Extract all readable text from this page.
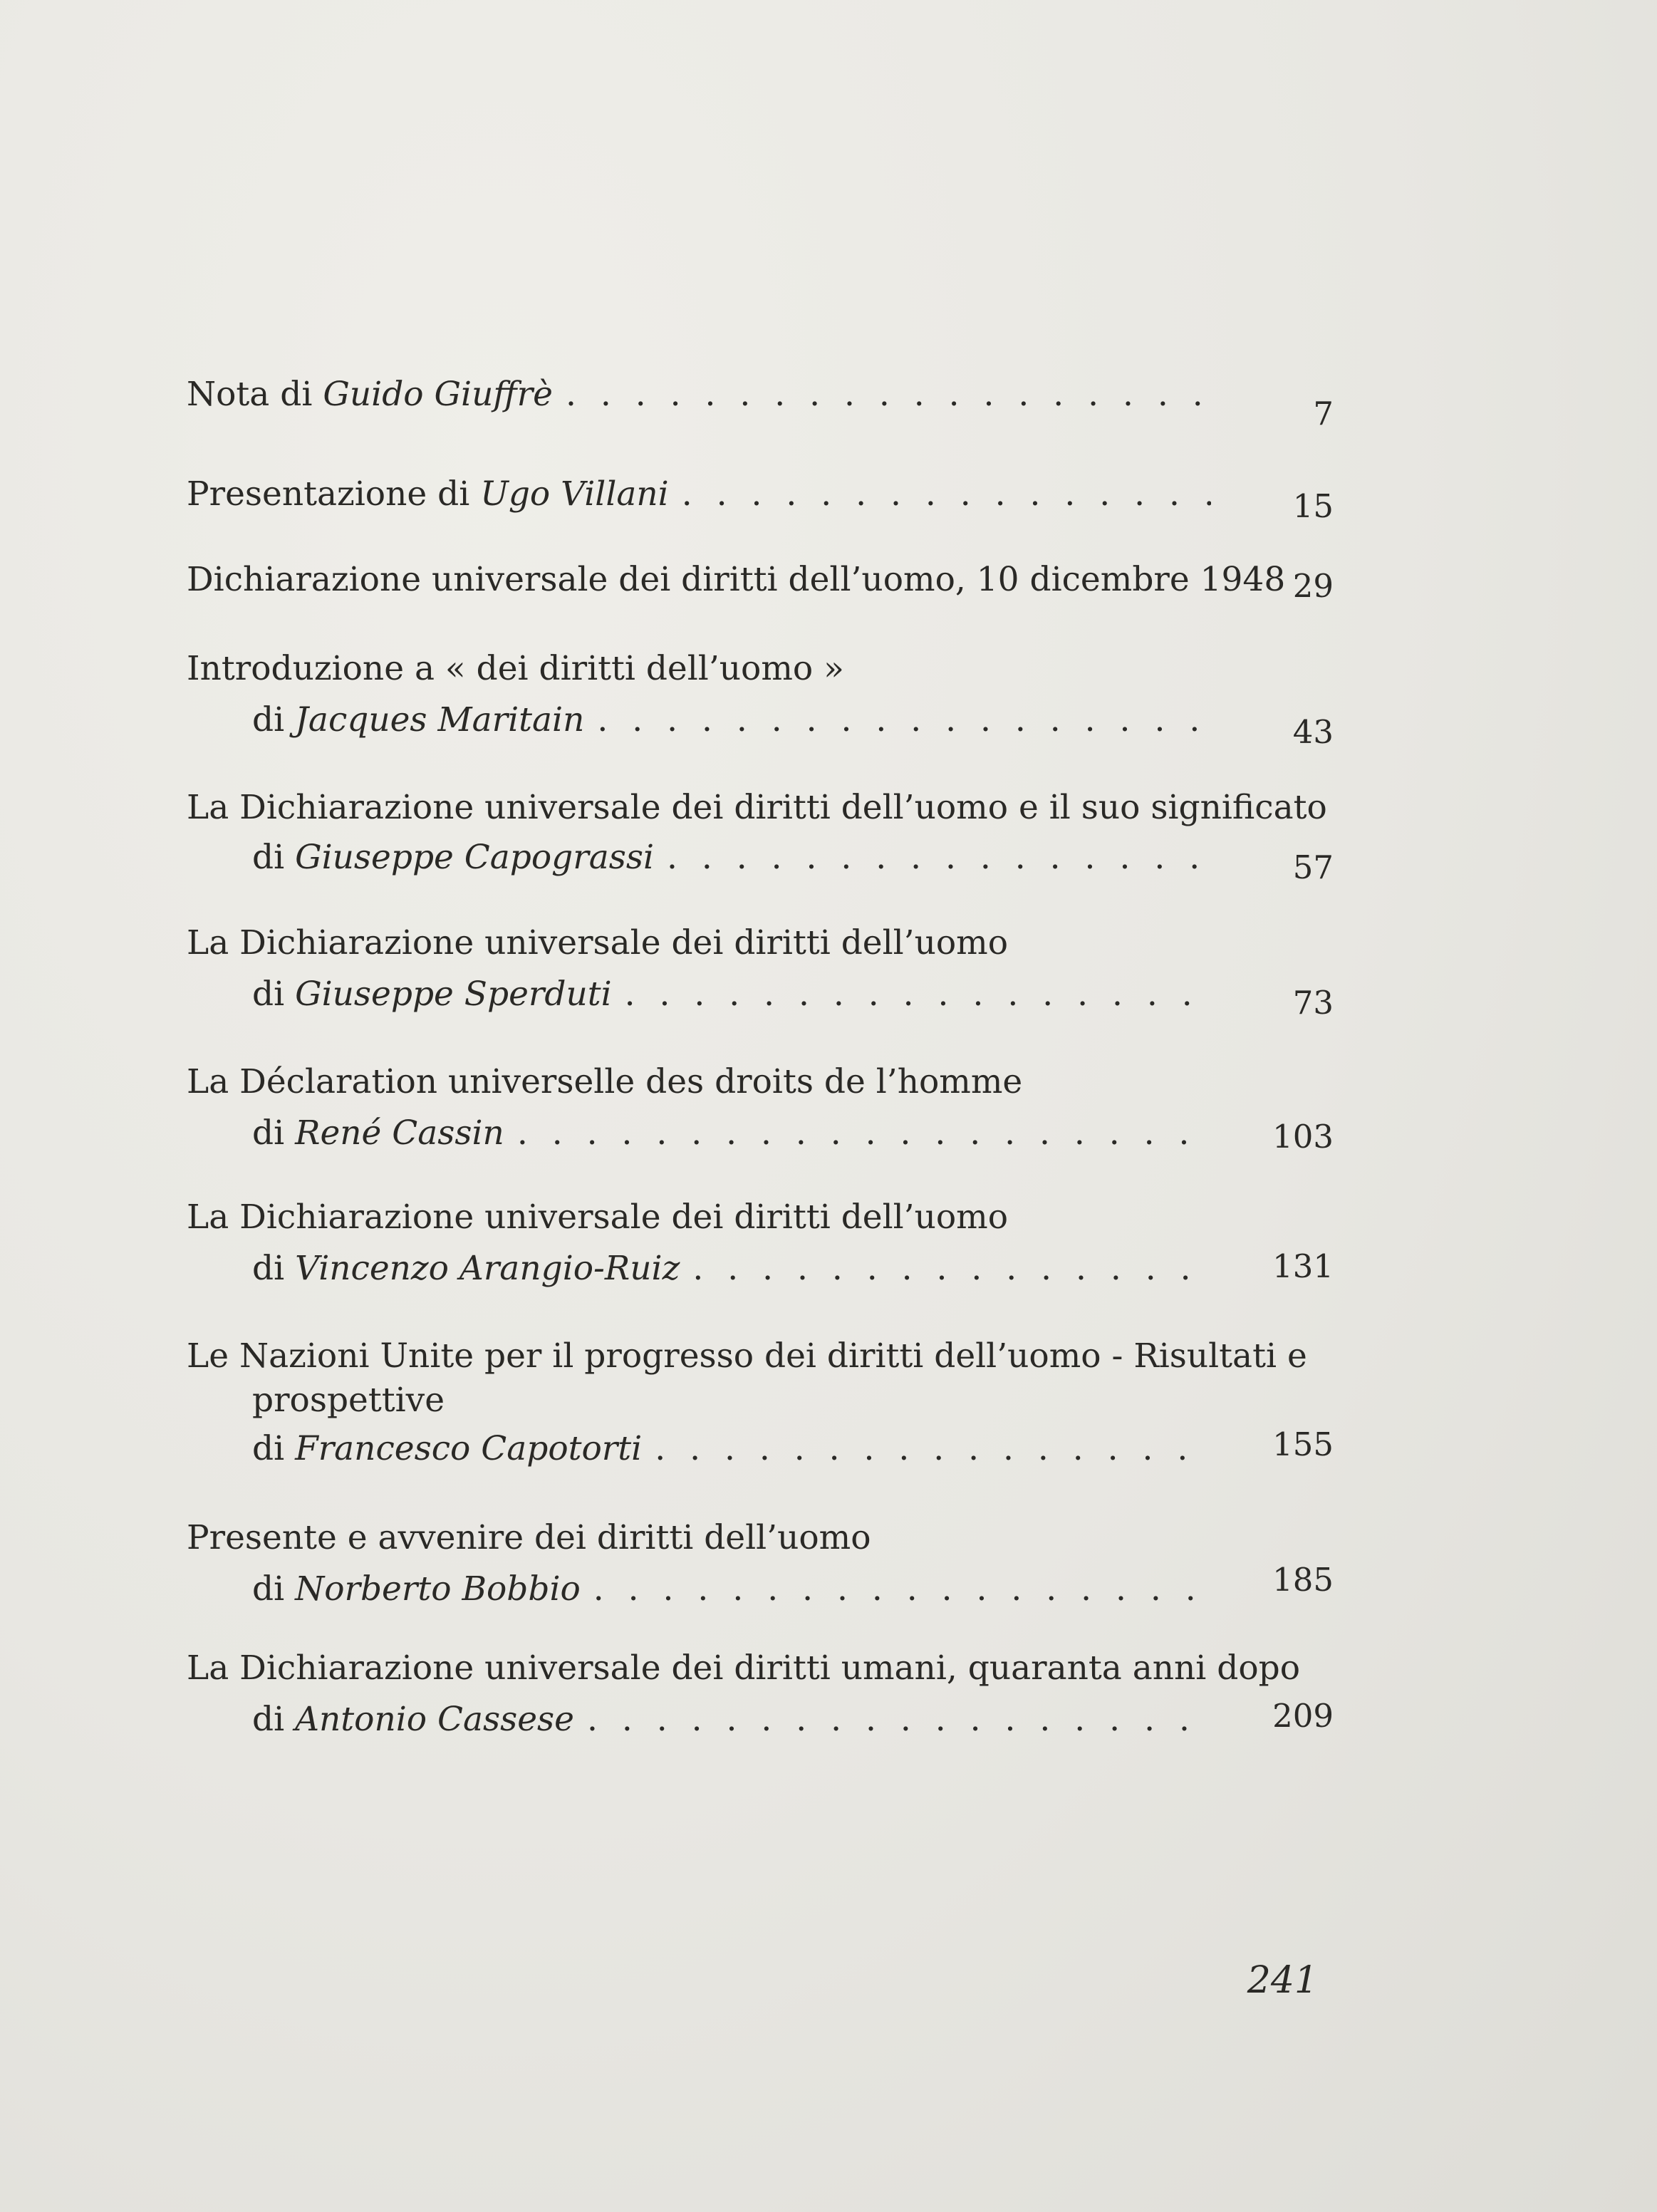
Nota di
Guido Giuffrè
. . .	7
Presentazione di
Ugo Villani . . .	15
Dichiarazione universale dei diritti dell’uomo, 10 dicembre 1948 29
Introduzione a « dei diritti dell’uomo »
di
Jacques Maritain . . .	43
La Dichiarazione universale dei diritti dell’uomo e il suo significato
di
Giuseppe Capograssi . . .	57
La Dichiarazione universale dei diritti dell’uomo
di
Giuseppe Sperduti . . .	73
La Déclaration universelle des droits de l’homme
di
René Cassin . . .	103
La Dichiarazione universale dei diritti dell’uomo
di
Vincenzo Arangio-Ruiz . . .	131
Le Nazioni Unite per il progresso dei diritti dell’uomo - Risultati e
prospettive
di
Francesco Capotorti . . .	155
Presente e avvenire dei diritti dell’uomo
di
Norberto Bobbio . . .	185
La Dichiarazione universale dei diritti umani, quaranta anni dopo
di
Antonio Cassese . . .	209
241
